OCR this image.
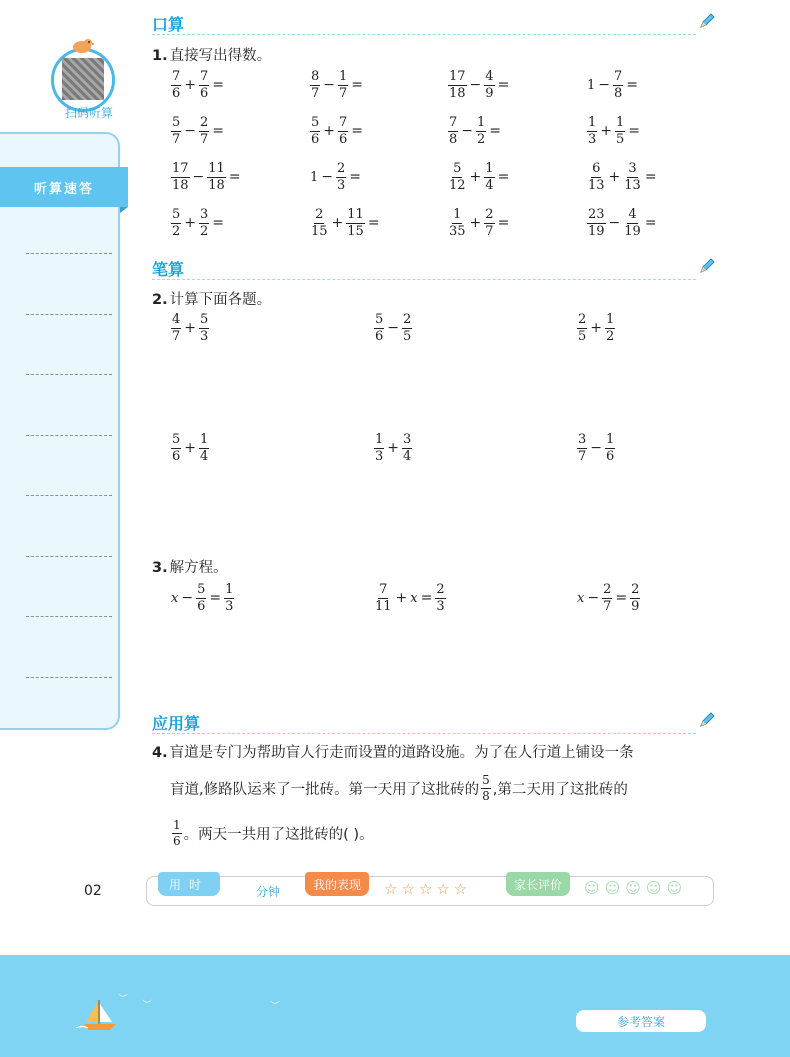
扫码听算
听算速答
口算
1. 直接写出得数。
$\frac{7}{6} + \frac{7}{6}$ =	$\frac{8}{7} - \frac{1}{7}$ =	$\frac{17}{18} - \frac{4}{9}$ =	$1 - \frac{7}{8}$ =
$\frac{5}{7} - \frac{2}{7}$ =	$\frac{5}{6} + \frac{7}{6}$ =	$\frac{7}{8} - \frac{1}{2}$ =	$\frac{1}{3} + \frac{1}{5}$ =
$\frac{17}{18} - \frac{11}{18}$ =	$1 - \frac{2}{3}$ =	$\frac{5}{12} + \frac{1}{4}$ =	$\frac{6}{13} + \frac{3}{13}$ =
$\frac{5}{2} + \frac{3}{2}$ =	$\frac{2}{15} + \frac{11}{15}$ =	$\frac{1}{35} + \frac{2}{7}$ =	$\frac{23}{19} - \frac{4}{19}$ =
笔算
2. 计算下面各题。
$\frac{4}{7} + \frac{5}{3}$	$\frac{5}{6} - \frac{2}{5}$	$\frac{2}{5} + \frac{1}{2}$
$\frac{5}{6} + \frac{1}{4}$	$\frac{1}{3} + \frac{3}{4}$	$\frac{3}{7} - \frac{1}{6}$
3. 解方程。
$x - \frac{5}{6} = \frac{1}{3}$	$\frac{7}{11} + x = \frac{2}{3}$	$x - \frac{2}{7} = \frac{2}{9}$
应用算
4. 盲道是专门为帮助盲人行走而设置的道路设施。为了在人行道上铺设一条
盲道,修路队运来了一批砖。第一天用了这批砖的 $\frac{5}{8}$ ,第二天用了这批砖的
$\frac{1}{6}$ 。两天一共用了这批砖的( )。
02	用时
分钟
我的表现	☆☆☆☆☆	家长评价	☺☺☺☺☺
︶
︶	︶
参考答案
